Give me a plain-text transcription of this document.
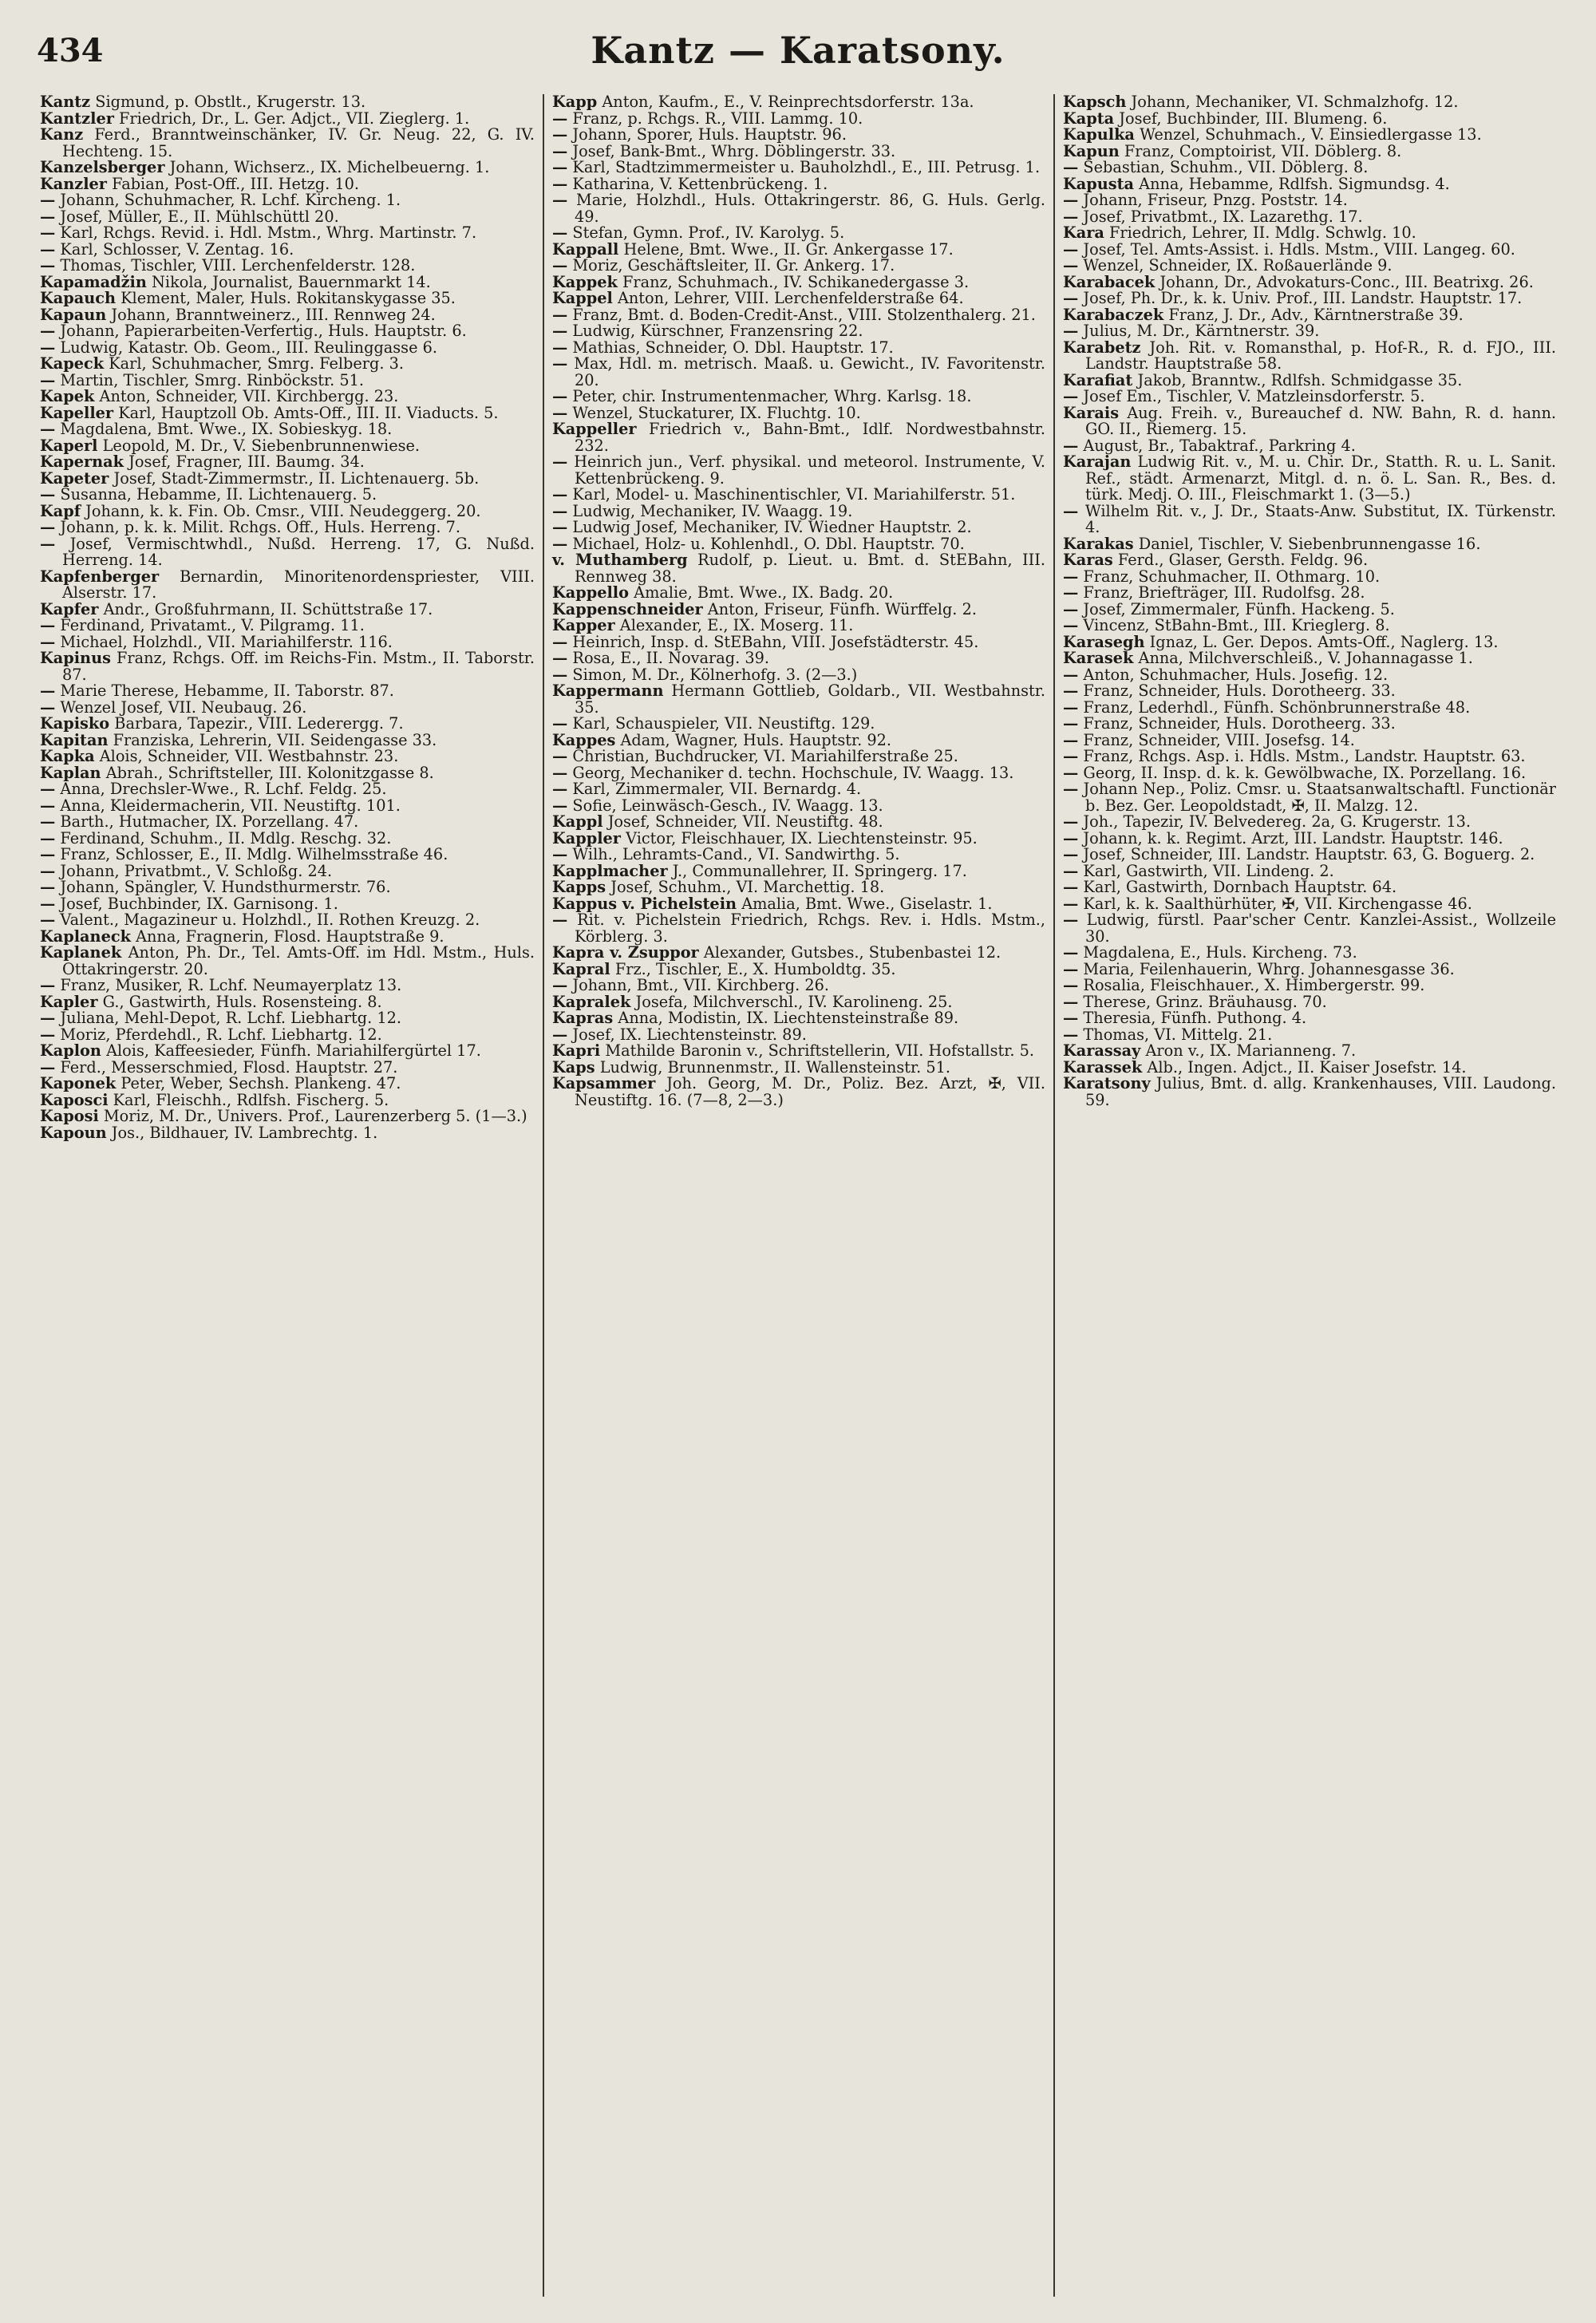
434	Kantz — Karatsony.

Kantz Sigmund, p. Obstlt., Krugerstr. 13.

Kantzler Friedrich, Dr., L. Ger. Adjct., VII. Zieglerg. 1.

Kanz Ferd., Branntweinschänker, IV. Gr. Neug. 22, G. IV. Hechteng. 15.

Kanzelsberger Johann, Wichserz., IX. Michelbeuerng. 1.

Kanzler Fabian, Post-Off., III. Hetzg. 10.

— Johann, Schuhmacher, R. Lchf. Kircheng. 1.

— Josef, Müller, E., II. Mühlschüttl 20.

— Karl, Rchgs. Revid. i. Hdl. Mstm., Whrg. Martinstr. 7.

— Karl, Schlosser, V. Zentag. 16.

— Thomas, Tischler, VIII. Lerchenfelderstr. 128.

Kapamadžin Nikola, Journalist, Bauernmarkt 14.

Kapauch Klement, Maler, Huls. Rokitanskygasse 35.

Kapaun Johann, Branntweinerz., III. Rennweg 24.

— Johann, Papierarbeiten-Verfertig., Huls. Hauptstr. 6.

— Ludwig, Katastr. Ob. Geom., III. Reulinggasse 6.

Kapeck Karl, Schuhmacher, Smrg. Felberg. 3.

— Martin, Tischler, Smrg. Rinböckstr. 51.

Kapek Anton, Schneider, VII. Kirchbergg. 23.

Kapeller Karl, Hauptzoll Ob. Amts-Off., III. II. Viaducts. 5.

— Magdalena, Bmt. Wwe., IX. Sobieskyg. 18.

Kaperl Leopold, M. Dr., V. Siebenbrunnenwiese.

Kapernak Josef, Fragner, III. Baumg. 34.

Kapeter Josef, Stadt-Zimmermstr., II. Lichtenauerg. 5b.

— Susanna, Hebamme, II. Lichtenauerg. 5.

Kapf Johann, k. k. Fin. Ob. Cmsr., VIII. Neudeggerg. 20.

— Johann, p. k. k. Milit. Rchgs. Off., Huls. Herreng. 7.

— Josef, Vermischtwhdl., Nußd. Herreng. 17, G. Nußd. Herreng. 14.

Kapfenberger Bernardin, Minoritenordenspriester, VIII. Alserstr. 17.

Kapfer Andr., Großfuhrmann, II. Schüttstraße 17.

— Ferdinand, Privatamt., V. Pilgramg. 11.

— Michael, Holzhdl., VII. Mariahilferstr. 116.

Kapinus Franz, Rchgs. Off. im Reichs-Fin. Mstm., II. Taborstr. 87.

— Marie Therese, Hebamme, II. Taborstr. 87.

— Wenzel Josef, VII. Neubaug. 26.

Kapisko Barbara, Tapezir., VIII. Lederergg. 7.

Kapitan Franziska, Lehrerin, VII. Seidengasse 33.

Kapka Alois, Schneider, VII. Westbahnstr. 23.

Kaplan Abrah., Schriftsteller, III. Kolonitzgasse 8.

— Anna, Drechsler-Wwe., R. Lchf. Feldg. 25.

— Anna, Kleidermacherin, VII. Neustiftg. 101.

— Barth., Hutmacher, IX. Porzellang. 47.

— Ferdinand, Schuhm., II. Mdlg. Reschg. 32.

— Franz, Schlosser, E., II. Mdlg. Wilhelmsstraße 46.

— Johann, Privatbmt., V. Schloßg. 24.

— Johann, Spängler, V. Hundsthurmerstr. 76.

— Josef, Buchbinder, IX. Garnisong. 1.

— Valent., Magazineur u. Holzhdl., II. Rothen Kreuzg. 2.

Kaplaneck Anna, Fragnerin, Flosd. Hauptstraße 9.

Kaplanek Anton, Ph. Dr., Tel. Amts-Off. im Hdl. Mstm., Huls. Ottakringerstr. 20.

— Franz, Musiker, R. Lchf. Neumayerplatz 13.

Kapler G., Gastwirth, Huls. Rosensteing. 8.

— Juliana, Mehl-Depot, R. Lchf. Liebhartg. 12.

— Moriz, Pferdehdl., R. Lchf. Liebhartg. 12.

Kaplon Alois, Kaffeesieder, Fünfh. Mariahilfergürtel 17.

— Ferd., Messerschmied, Flosd. Hauptstr. 27.

Kaponek Peter, Weber, Sechsh. Plankeng. 47.

Kaposci Karl, Fleischh., Rdlfsh. Fischerg. 5.

Kaposi Moriz, M. Dr., Univers. Prof., Laurenzerberg 5. (1—3.)

Kapoun Jos., Bildhauer, IV. Lambrechtg. 1.

Kapp Anton, Kaufm., E., V. Reinprechtsdorferstr. 13a.

— Franz, p. Rchgs. R., VIII. Lammg. 10.

— Johann, Sporer, Huls. Hauptstr. 96.

— Josef, Bank-Bmt., Whrg. Döblingerstr. 33.

— Karl, Stadtzimmermeister u. Bauholzhdl., E., III. Petrusg. 1.

— Katharina, V. Kettenbrückeng. 1.

— Marie, Holzhdl., Huls. Ottakringerstr. 86, G. Huls. Gerlg. 49.

— Stefan, Gymn. Prof., IV. Karolyg. 5.

Kappall Helene, Bmt. Wwe., II. Gr. Ankergasse 17.

— Moriz, Geschäftsleiter, II. Gr. Ankerg. 17.

Kappek Franz, Schuhmach., IV. Schikanedergasse 3.

Kappel Anton, Lehrer, VIII. Lerchenfelderstraße 64.

— Franz, Bmt. d. Boden-Credit-Anst., VIII. Stolzenthalerg. 21.

— Ludwig, Kürschner, Franzensring 22.

— Mathias, Schneider, O. Dbl. Hauptstr. 17.

— Max, Hdl. m. metrisch. Maaß. u. Gewicht., IV. Favoritenstr. 20.

— Peter, chir. Instrumentenmacher, Whrg. Karlsg. 18.

— Wenzel, Stuckaturer, IX. Fluchtg. 10.

Kappeller Friedrich v., Bahn-Bmt., Idlf. Nordwestbahnstr. 232.

— Heinrich jun., Verf. physikal. und meteorol. Instrumente, V. Kettenbrückeng. 9.

— Karl, Model- u. Maschinentischler, VI. Mariahilferstr. 51.

— Ludwig, Mechaniker, IV. Waagg. 19.

— Ludwig Josef, Mechaniker, IV. Wiedner Hauptstr. 2.

— Michael, Holz- u. Kohlenhdl., O. Dbl. Hauptstr. 70.

v. Muthamberg Rudolf, p. Lieut. u. Bmt. d. StEBahn, III. Rennweg 38.

Kappello Amalie, Bmt. Wwe., IX. Badg. 20.

Kappenschneider Anton, Friseur, Fünfh. Würffelg. 2.

Kapper Alexander, E., IX. Moserg. 11.

— Heinrich, Insp. d. StEBahn, VIII. Josefstädterstr. 45.

— Rosa, E., II. Novarag. 39.

— Simon, M. Dr., Kölnerhofg. 3. (2—3.)

Kappermann Hermann Gottlieb, Goldarb., VII. Westbahnstr. 35.

— Karl, Schauspieler, VII. Neustiftg. 129.

Kappes Adam, Wagner, Huls. Hauptstr. 92.

— Christian, Buchdrucker, VI. Mariahilferstraße 25.

— Georg, Mechaniker d. techn. Hochschule, IV. Waagg. 13.

— Karl, Zimmermaler, VII. Bernardg. 4.

— Sofie, Leinwäsch-Gesch., IV. Waagg. 13.

Kappl Josef, Schneider, VII. Neustiftg. 48.

Kappler Victor, Fleischhauer, IX. Liechtensteinstr. 95.

— Wilh., Lehramts-Cand., VI. Sandwirthg. 5.

Kapplmacher J., Communallehrer, II. Springerg. 17.

Kapps Josef, Schuhm., VI. Marchettig. 18.

Kappus v. Pichelstein Amalia, Bmt. Wwe., Giselastr. 1.

— Rit. v. Pichelstein Friedrich, Rchgs. Rev. i. Hdls. Mstm., Körblerg. 3.

Kapra v. Zsuppor Alexander, Gutsbes., Stubenbastei 12.

Kapral Frz., Tischler, E., X. Humboldtg. 35.

— Johann, Bmt., VII. Kirchberg. 26.

Kapralek Josefa, Milchverschl., IV. Karolineng. 25.

Kapras Anna, Modistin, IX. Liechtensteinstraße 89.

— Josef, IX. Liechtensteinstr. 89.

Kapri Mathilde Baronin v., Schriftstellerin, VII. Hofstallstr. 5.

Kaps Ludwig, Brunnenmstr., II. Wallensteinstr. 51.

Kapsammer Joh. Georg, M. Dr., Poliz. Bez. Arzt, ✠, VII. Neustiftg. 16. (7—8, 2—3.)

Kapsch Johann, Mechaniker, VI. Schmalzhofg. 12.

Kapta Josef, Buchbinder, III. Blumeng. 6.

Kapulka Wenzel, Schuhmach., V. Einsiedlergasse 13.

Kapun Franz, Comptoirist, VII. Döblerg. 8.

— Sebastian, Schuhm., VII. Döblerg. 8.

Kapusta Anna, Hebamme, Rdlfsh. Sigmundsg. 4.

— Johann, Friseur, Pnzg. Poststr. 14.

— Josef, Privatbmt., IX. Lazarethg. 17.

Kara Friedrich, Lehrer, II. Mdlg. Schwlg. 10.

— Josef, Tel. Amts-Assist. i. Hdls. Mstm., VIII. Langeg. 60.

— Wenzel, Schneider, IX. Roßauerlände 9.

Karabacek Johann, Dr., Advokaturs-Conc., III. Beatrixg. 26.

— Josef, Ph. Dr., k. k. Univ. Prof., III. Landstr. Hauptstr. 17.

Karabaczek Franz, J. Dr., Adv., Kärntnerstraße 39.

— Julius, M. Dr., Kärntnerstr. 39.

Karabetz Joh. Rit. v. Romansthal, p. Hof-R., R. d. FJO., III. Landstr. Hauptstraße 58.

Karafiat Jakob, Branntw., Rdlfsh. Schmidgasse 35.

— Josef Em., Tischler, V. Matzleinsdorferstr. 5.

Karais Aug. Freih. v., Bureauchef d. NW. Bahn, R. d. hann. GO. II., Riemerg. 15.

— August, Br., Tabaktraf., Parkring 4.

Karajan Ludwig Rit. v., M. u. Chir. Dr., Statth. R. u. L. Sanit. Ref., städt. Armenarzt, Mitgl. d. n. ö. L. San. R., Bes. d. türk. Medj. O. III., Fleischmarkt 1. (3—5.)

— Wilhelm Rit. v., J. Dr., Staats-Anw. Substitut, IX. Türkenstr. 4.

Karakas Daniel, Tischler, V. Siebenbrunnengasse 16.

Karas Ferd., Glaser, Gersth. Feldg. 96.

— Franz, Schuhmacher, II. Othmarg. 10.

— Franz, Briefträger, III. Rudolfsg. 28.

— Josef, Zimmermaler, Fünfh. Hackeng. 5.

— Vincenz, StBahn-Bmt., III. Krieglerg. 8.

Karasegh Ignaz, L. Ger. Depos. Amts-Off., Naglerg. 13.

Karasek Anna, Milchverschleiß., V. Johannagasse 1.

— Anton, Schuhmacher, Huls. Josefig. 12.

— Franz, Schneider, Huls. Dorotheerg. 33.

— Franz, Lederhdl., Fünfh. Schönbrunnerstraße 48.

— Franz, Schneider, Huls. Dorotheerg. 33.

— Franz, Schneider, VIII. Josefsg. 14.

— Franz, Rchgs. Asp. i. Hdls. Mstm., Landstr. Hauptstr. 63.

— Georg, II. Insp. d. k. k. Gewölbwache, IX. Porzellang. 16.

— Johann Nep., Poliz. Cmsr. u. Staatsanwaltschaftl. Functionär b. Bez. Ger. Leopoldstadt, ✠, II. Malzg. 12.

— Joh., Tapezir, IV. Belvedereg. 2a, G. Krugerstr. 13.

— Johann, k. k. Regimt. Arzt, III. Landstr. Hauptstr. 146.

— Josef, Schneider, III. Landstr. Hauptstr. 63, G. Boguerg. 2.

— Karl, Gastwirth, VII. Lindeng. 2.

— Karl, Gastwirth, Dornbach Hauptstr. 64.

— Karl, k. k. Saalthürhüter, ✠, VII. Kirchengasse 46.

— Ludwig, fürstl. Paar'scher Centr. Kanzlei-Assist., Wollzeile 30.

— Magdalena, E., Huls. Kircheng. 73.

— Maria, Feilenhauerin, Whrg. Johannesgasse 36.

— Rosalia, Fleischhauer., X. Himbergerstr. 99.

— Therese, Grinz. Bräuhausg. 70.

— Theresia, Fünfh. Puthong. 4.

— Thomas, VI. Mittelg. 21.

Karassay Aron v., IX. Marianneng. 7.

Karassek Alb., Ingen. Adjct., II. Kaiser Josefstr. 14.

Karatsony Julius, Bmt. d. allg. Krankenhauses, VIII. Laudong. 59.
